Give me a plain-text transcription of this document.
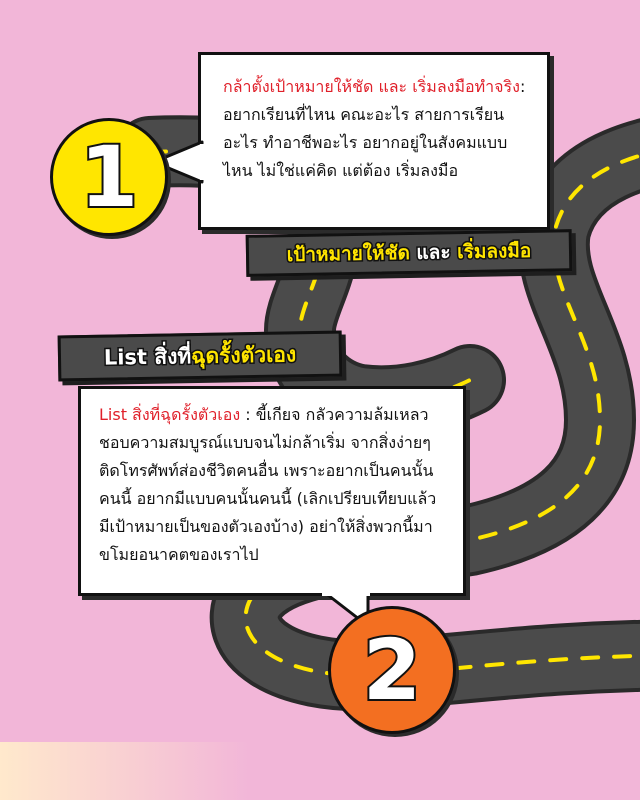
กล้าตั้งเป้าหมายให้ชัด และ เริ่มลงมือทำจริง: อยากเรียนที่ไหน คณะอะไร สายการเรียนอะไร ทำอาชีพอะไร อยากอยู่ในสังคมแบบไหน ไม่ใช่แค่คิด แต่ต้อง เริ่มลงมือ

1
เป้าหมายให้ชัด และ เริ่มลงมือ
List สิ่งที่ฉุดรั้งตัวเอง

List สิ่งที่ฉุดรั้งตัวเอง : ขี้เกียจ กลัวความล้มเหลว ชอบความสมบูรณ์แบบจนไม่กล้าเริ่ม จากสิ่งง่ายๆ ติดโทรศัพท์ส่องชีวิตคนอื่น เพราะอยากเป็นคนนั้นคนนี้ อยากมีแบบคนนั้นคนนี้ (เลิกเปรียบเทียบแล้ว มีเป้าหมายเป็นของตัวเองบ้าง) อย่าให้สิ่งพวกนี้มาขโมยอนาคตของเราไป

2
